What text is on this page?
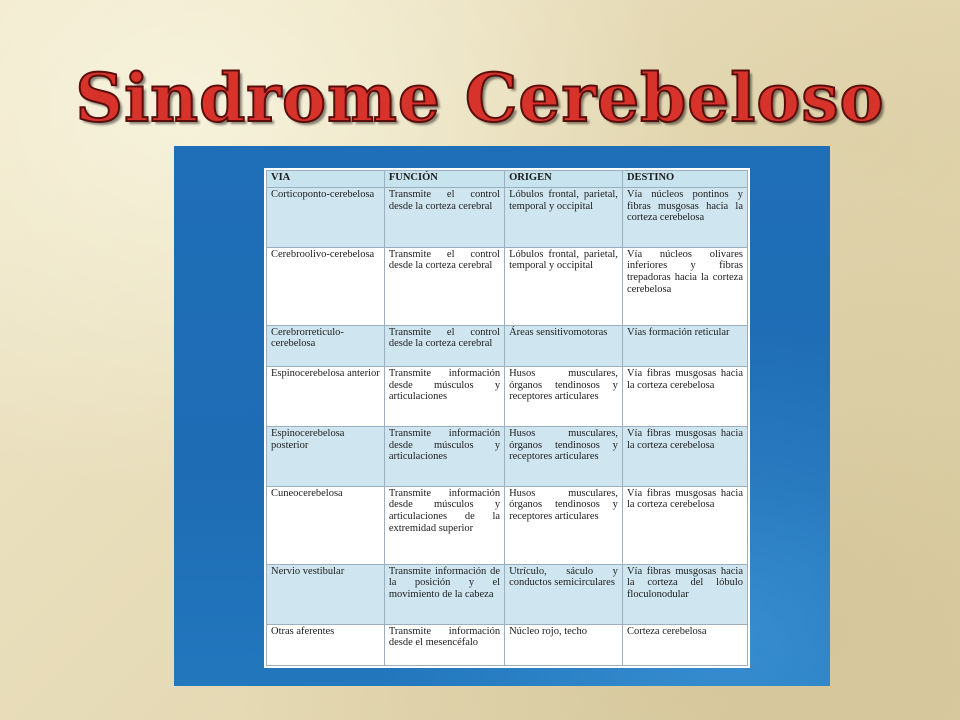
Sindrome Cerebeloso
VIA	FUNCIÓN	ORIGEN	DESTINO
Corticoponto-cerebelosa	Transmite el control desde la corteza cerebral	Lóbulos frontal, parietal, temporal y occipital	Vía núcleos pontinos y fibras musgosas hacia la corteza cerebelosa
Cerebroolivo-cerebelosa	Transmite el control desde la corteza cerebral	Lóbulos frontal, parietal, temporal y occipital	Vía núcleos olivares inferiores y fibras trepadoras hacia la corteza cerebelosa
Cerebrorreticulo-cerebelosa	Transmite el control desde la corteza cerebral	Áreas sensitivomotoras	Vías formación reticular
Espinocerebelosa anterior	Transmite información desde músculos y articulaciones	Husos musculares, órganos tendinosos y receptores articulares	Vía fibras musgosas hacia la corteza cerebelosa
Espinocerebelosa posterior	Transmite información desde músculos y articulaciones	Husos musculares, órganos tendinosos y receptores articulares	Vía fibras musgosas hacia la corteza cerebelosa
Cuneocerebelosa	Transmite información desde músculos y articulaciones de la extremidad superior	Husos musculares, órganos tendinosos y receptores articulares	Vía fibras musgosas hacia la corteza cerebelosa
Nervio vestibular	Transmite información de la posición y el movimiento de la cabeza	Utrículo, sáculo y conductos semicirculares	Vía fibras musgosas hacia la corteza del lóbulo floculonodular
Otras aferentes	Transmite información desde el mesencéfalo	Núcleo rojo, techo	Corteza cerebelosa
